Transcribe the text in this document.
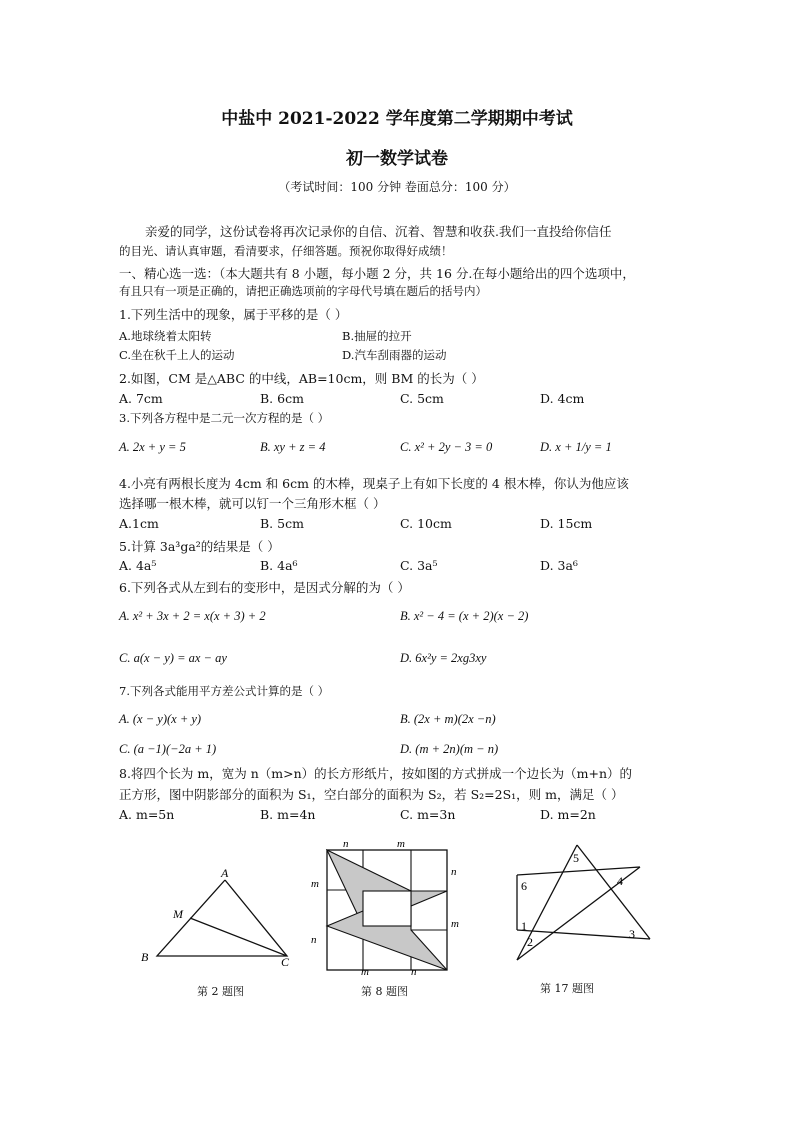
中盐中 2021-2022 学年度第二学期期中考试
初一数学试卷
（考试时间：100 分钟 卷面总分：100 分）
亲爱的同学，这份试卷将再次记录你的自信、沉着、智慧和收获.我们一直投给你信任
的目光、请认真审题，看清要求，仔细答题。预祝你取得好成绩！
一、精心选一选：（本大题共有 8 小题，每小题 2 分，共 16 分.在每小题给出的四个选项中，
有且只有一项是正确的，请把正确选项前的字母代号填在题后的括号内）
1.下列生活中的现象，属于平移的是（ ）
A.地球绕着太阳转	B.抽屉的拉开
C.坐在秋千上人的运动	D.汽车刮雨器的运动
2.如图，CM 是△ABC 的中线，AB=10cm，则 BM 的长为（ ）
A. 7cm	B. 6cm	C. 5cm	D. 4cm
3.下列各方程中是二元一次方程的是（ ）
A. 2x + y = 5	B. xy + z = 4	C. x² + 2y − 3 = 0	D. x + 1/y = 1
4.小亮有两根长度为 4cm 和 6cm 的木棒，现桌子上有如下长度的 4 根木棒，你认为他应该
选择哪一根木棒，就可以钉一个三角形木框（ ）
A.1cm	B. 5cm	C. 10cm	D. 15cm
5.计算 3a³ga²的结果是（ ）
A. 4a⁵	B. 4a⁶	C. 3a⁵	D. 3a⁶
6.下列各式从左到右的变形中，是因式分解的为（ ）
A. x² + 3x + 2 = x(x + 3) + 2	B. x² − 4 = (x + 2)(x − 2)
C. a(x − y) = ax − ay	D. 6x²y = 2xg3xy
7.下列各式能用平方差公式计算的是（ ）
A. (x − y)(x + y)	B. (2x + m)(2x −n)
C. (a −1)(−2a + 1)	D. (m + 2n)(m − n)
8.将四个长为 m，宽为 n（m>n）的长方形纸片，按如图的方式拼成一个边长为（m+n）的
正方形，图中阴影部分的面积为 S₁，空白部分的面积为 S₂，若 S₂=2S₁，则 m，满足（ ）
A. m=5n	B. m=4n	C. m=3n	D. m=2n
A
B	C
M
第 2 题图
n	m
n
m
m
n
m	n
第 8 题图
5
6	4
1
2
3
第 17 题图
